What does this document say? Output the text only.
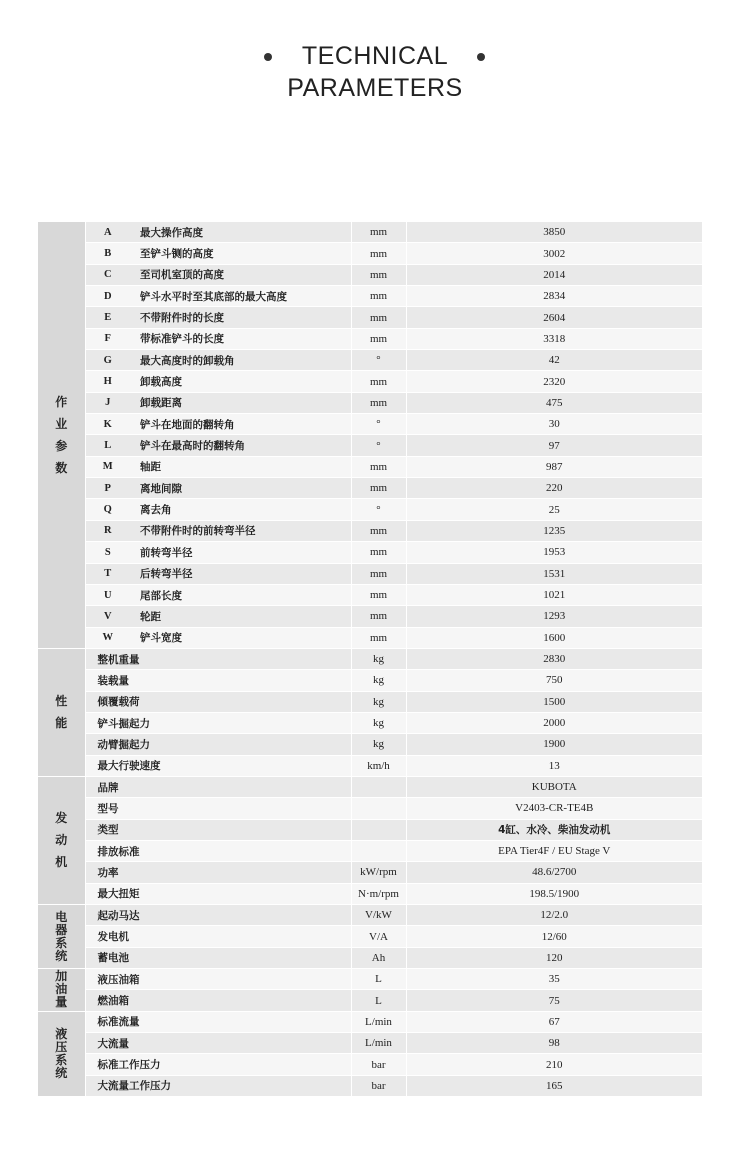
TECHNICAL
PARAMETERS
作
业
参
数	A	最大操作高度	mm	3850
	B	至铲斗铡的高度	mm	3002
	C	至司机室顶的高度	mm	2014
	D	铲斗水平时至其底部的最大高度	mm	2834
	E	不带附件时的长度	mm	2604
	F	带标准铲斗的长度	mm	3318
	G	最大高度时的卸载角	°	42
	H	卸载高度	mm	2320
	J	卸载距离	mm	475
	K	铲斗在地面的翻转角	°	30
	L	铲斗在最高时的翻转角	°	97
	M	轴距	mm	987
	P	离地间隙	mm	220
	Q	离去角	°	25
	R	不带附件时的前转弯半径	mm	1235
	S	前转弯半径	mm	1953
	T	后转弯半径	mm	1531
	U	尾部长度	mm	1021
	V	轮距	mm	1293
	W	铲斗宽度	mm	1600
性
能	整机重量		kg	2830
	装载量		kg	750
	倾覆载荷		kg	1500
	铲斗掘起力		kg	2000
	动臂掘起力		kg	1900
	最大行驶速度		km/h	13
发
动
机	品牌			KUBOTA
	型号			V2403-CR-TE4B
	类型			4缸、水冷、柴油发动机
	排放标准			EPA Tier4F / EU Stage V
	功率		kW/rpm	48.6/2700
	最大扭矩		N·m/rpm	198.5/1900
电
器
系
统	起动马达		V/kW	12/2.0
	发电机		V/A	12/60
	蓄电池		Ah	120
加
油
量	液压油箱		L	35
	燃油箱		L	75
液
压
系
统	标准流量		L/min	67
	大流量		L/min	98
	标准工作压力		bar	210
	大流量工作压力		bar	165
